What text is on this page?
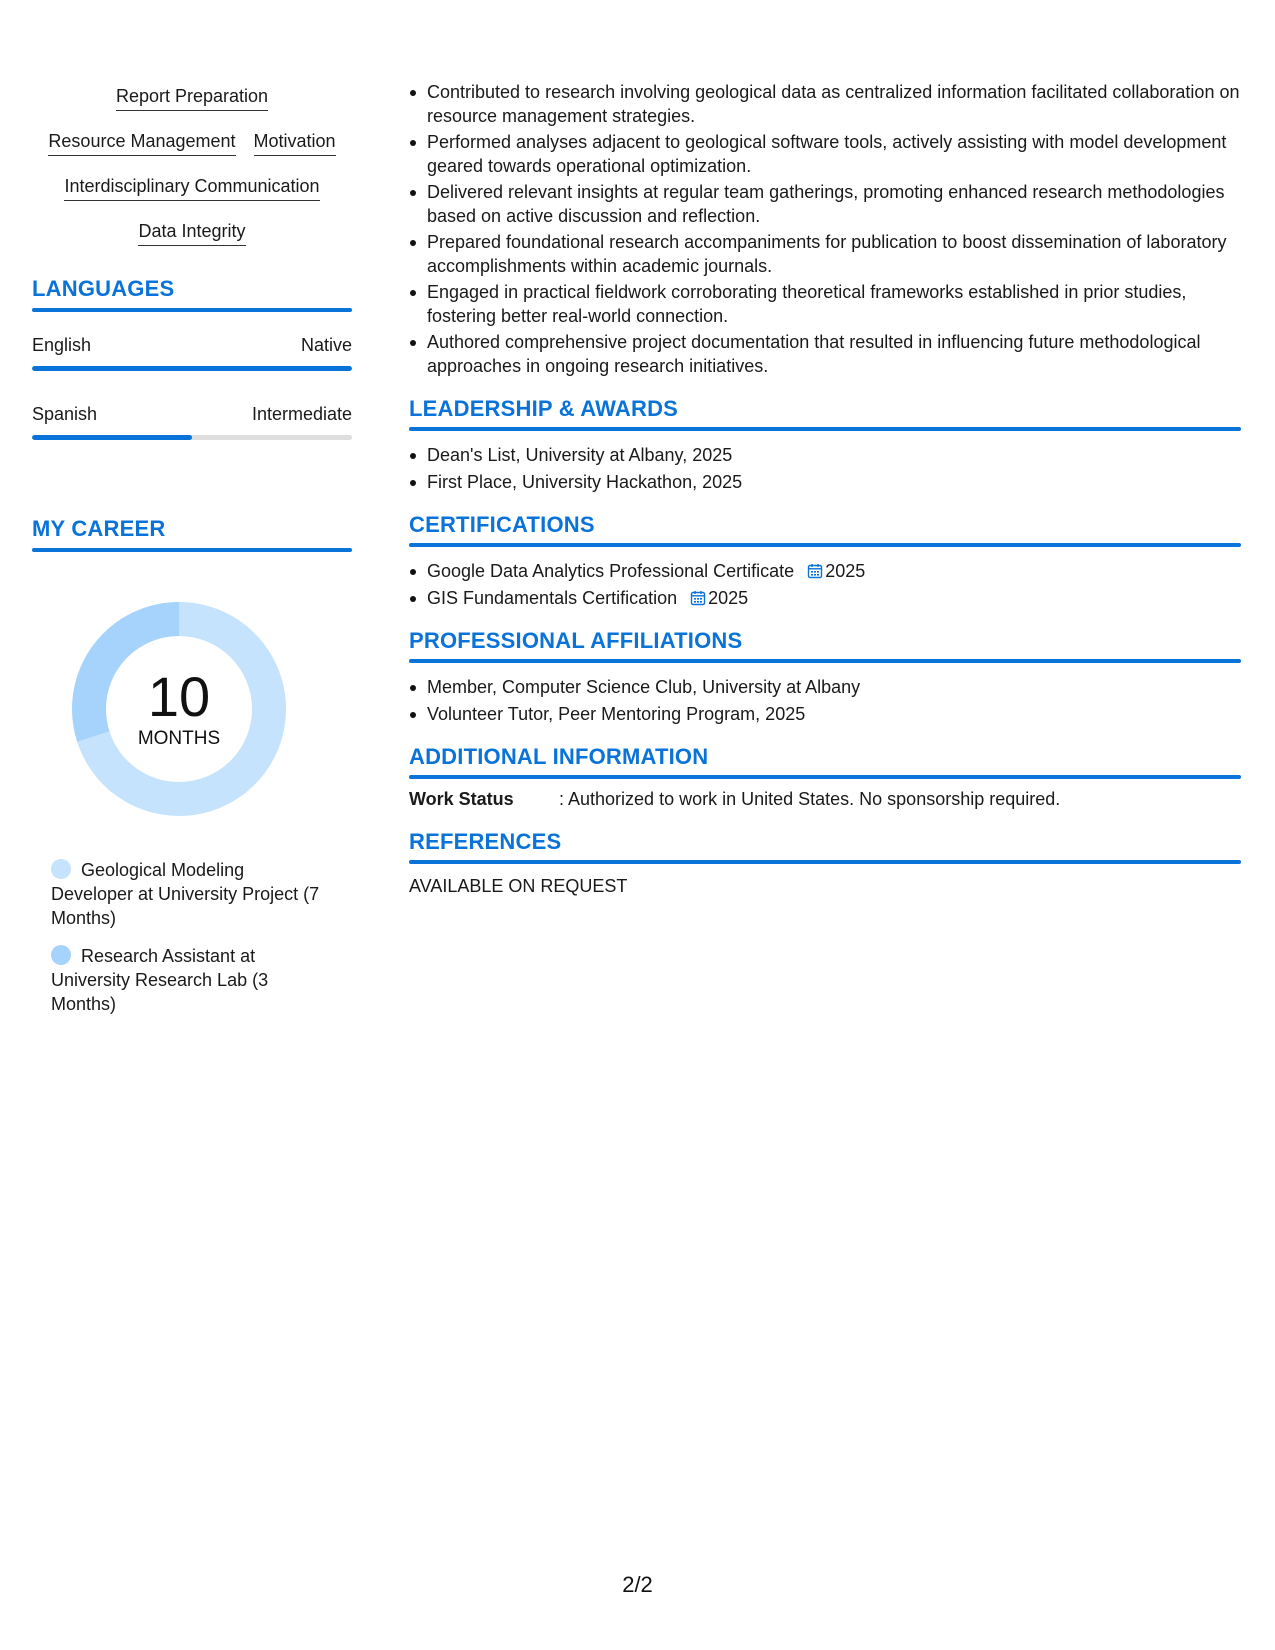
Report Preparation
Resource Management Motivation
Interdisciplinary Communication
Data Integrity
LANGUAGES
English	Native
Spanish	Intermediate
MY CAREER
10
MONTHS
Geological Modeling Developer at University Project (7 Months)
Research Assistant at University Research Lab (3 Months)
Contributed to research involving geological data as centralized information facilitated collaboration on resource management strategies.
Performed analyses adjacent to geological software tools, actively assisting with model development geared towards operational optimization.
Delivered relevant insights at regular team gatherings, promoting enhanced research methodologies based on active discussion and reflection.
Prepared foundational research accompaniments for publication to boost dissemination of laboratory accomplishments within academic journals.
Engaged in practical fieldwork corroborating theoretical frameworks established in prior studies, fostering better real-world connection.
Authored comprehensive project documentation that resulted in influencing future methodological approaches in ongoing research initiatives.
LEADERSHIP & AWARDS
Dean's List, University at Albany, 2025
First Place, University Hackathon, 2025
CERTIFICATIONS
Google Data Analytics Professional Certificate 2025
GIS Fundamentals Certification 2025
PROFESSIONAL AFFILIATIONS
Member, Computer Science Club, University at Albany
Volunteer Tutor, Peer Mentoring Program, 2025
ADDITIONAL INFORMATION
Work Status	: Authorized to work in United States. No sponsorship required.
REFERENCES
AVAILABLE ON REQUEST
2/2
